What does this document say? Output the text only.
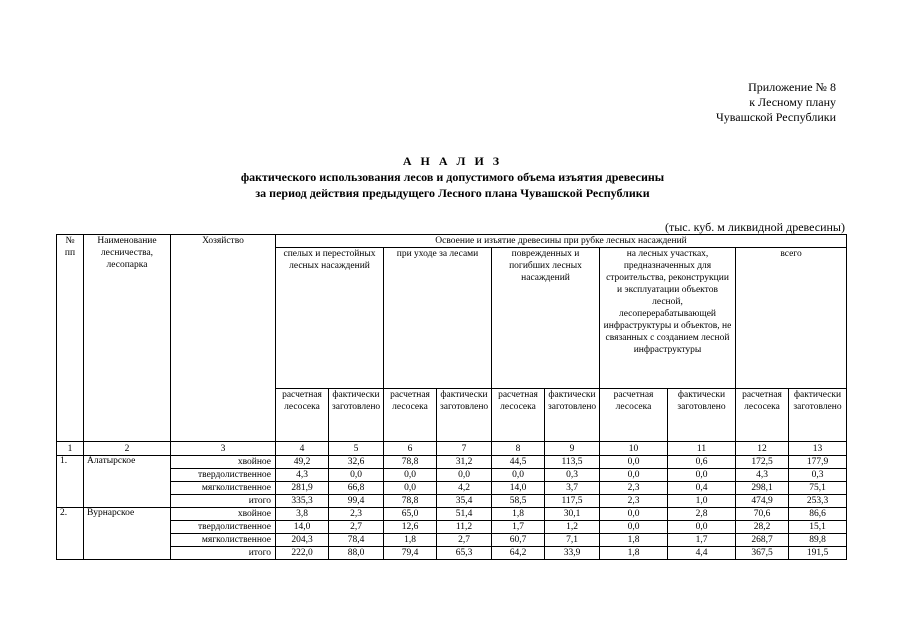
Приложение № 8
к Лесному плану
Чувашской Республики
А Н А Л И З
фактического использования лесов и допустимого объема изъятия древесины
за период действия предыдущего Лесного плана Чувашской Республики
(тыс. куб. м ликвидной древесины)
№ пп	Наименование лесничества, лесопарка	Хозяйство	Освоение и изъятие древесины при рубке лесных насаждений									
			спелых и перестойных лесных насаждений		при уходе за лесами		поврежденных и погибших лесных насаждений		на лесных участках, предназначенных для строительства, реконструкции и эксплуатации объектов лесной, лесоперерабатывающей инфраструктуры и объектов, не связанных с созданием лесной инфраструктуры		всего	
			расчетная лесосека	фактически заготовлено	расчетная лесосека	фактически заготовлено	расчетная лесосека	фактически заготовлено	расчетная лесосека	фактически заготовлено	расчетная лесосека	фактически заготовлено
1	2	3	4	5	6	7	8	9	10	11	12	13
1.	Алатырское	хвойное	49,2	32,6	78,8	31,2	44,5	113,5	0,0	0,6	172,5	177,9
		твердолиственное	4,3	0,0	0,0	0,0	0,0	0,3	0,0	0,0	4,3	0,3
		мягколиственное	281,9	66,8	0,0	4,2	14,0	3,7	2,3	0,4	298,1	75,1
		итого	335,3	99,4	78,8	35,4	58,5	117,5	2,3	1,0	474,9	253,3
2.	Вурнарское	хвойное	3,8	2,3	65,0	51,4	1,8	30,1	0,0	2,8	70,6	86,6
		твердолиственное	14,0	2,7	12,6	11,2	1,7	1,2	0,0	0,0	28,2	15,1
		мягколиственное	204,3	78,4	1,8	2,7	60,7	7,1	1,8	1,7	268,7	89,8
		итого	222,0	88,0	79,4	65,3	64,2	33,9	1,8	4,4	367,5	191,5
